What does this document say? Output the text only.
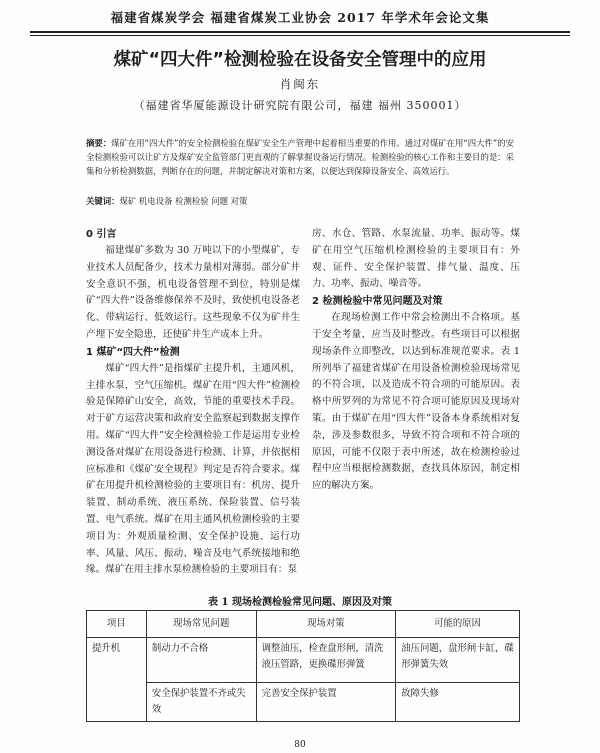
福建省煤炭学会 福建省煤炭工业协会 2017 年学术年会论文集
煤矿“四大件”检测检验在设备安全管理中的应用
肖闽东
（福建省华厦能源设计研究院有限公司，福建 福州 350001）
摘要：煤矿在用“四大件”的安全检测检验在煤矿安全生产管理中起着相当重要的作用。通过对煤矿在用“四大件”的安全检测检验可以让矿方及煤矿安全监管部门更直观的了解掌握设备运行情况。检测检验的核心工作和主要目的是：采集和分析检测数据，判断存在的问题，并制定解决对策和方案，以便达到保障设备安全、高效运行。
关键词：煤矿 机电设备 检测检验 问题 对策
0 引言

福建煤矿多数为 30 万吨以下的小型煤矿，专业技术人员配备少，技术力量相对薄弱。部分矿井安全意识不强，机电设备管理不到位，特别是煤矿“四大件”设备维修保养不及时，致使机电设备老化、带病运行、低效运行。这些现象不仅为矿井生产埋下安全隐患，还使矿井生产成本上升。

1 煤矿“四大件”检测

煤矿“四大件”是指煤矿主提升机，主通风机，主排水泵，空气压缩机。煤矿在用“四大件”检测检验是保障矿山安全，高效，节能的重要技术手段。对于矿方运营决策和政府安全监察起到数据支撑作用。煤矿“四大件”安全检测检验工作是运用专业检测设备对煤矿在用设备进行检测、计算，并依据相应标准和《煤矿安全规程》判定是否符合要求。煤矿在用提升机检测检验的主要项目有：机房、提升装置、制动系统、液压系统、保险装置、信号装置、电气系统。煤矿在用主通风机检测检验的主要项目为：外观质量检测、安全保护设施、运行功率、风量、风压、振动、噪音及电气系统接地和绝缘。煤矿在用主排水泵检测检验的主要项目有：泵

房、水仓、管路、水泵流量、功率、振动等。煤矿在用空气压缩机检测检验的主要项目有：外观、证件、安全保护装置、排气量、温度、压力、功率、振动、噪音等。

2 检测检验中常见问题及对策

在现场检测工作中常会检测出不合格项。基于安全考量，应当及时整改。有些项目可以根据现场条件立即整改，以达到标准规范要求。表 1 所列举了福建省煤矿在用设备检测检验现场常见的不符合项，以及造成不符合项的可能原因。表格中所罗列的为常见不符合项可能原因及现场对策。由于煤矿在用“四大件”设备本身系统相对复杂，涉及参数很多，导致不符合项和不符合项的原因，可能不仅限于表中所述，故在检测检验过程中应当根据检测数据，查找具体原因，制定相应的解决方案。

表 1 现场检测检验常见问题、原因及对策
项目	现场常见问题	现场对策	可能的原因
提升机	制动力不合格	调整油压，检查盘形闸，清洗液压管路，更换碟形弹簧	油压问题，盘形闸卡缸，碟形弹簧失效
	安全保护装置不齐或失效	完善安全保护装置	故障失修
80
